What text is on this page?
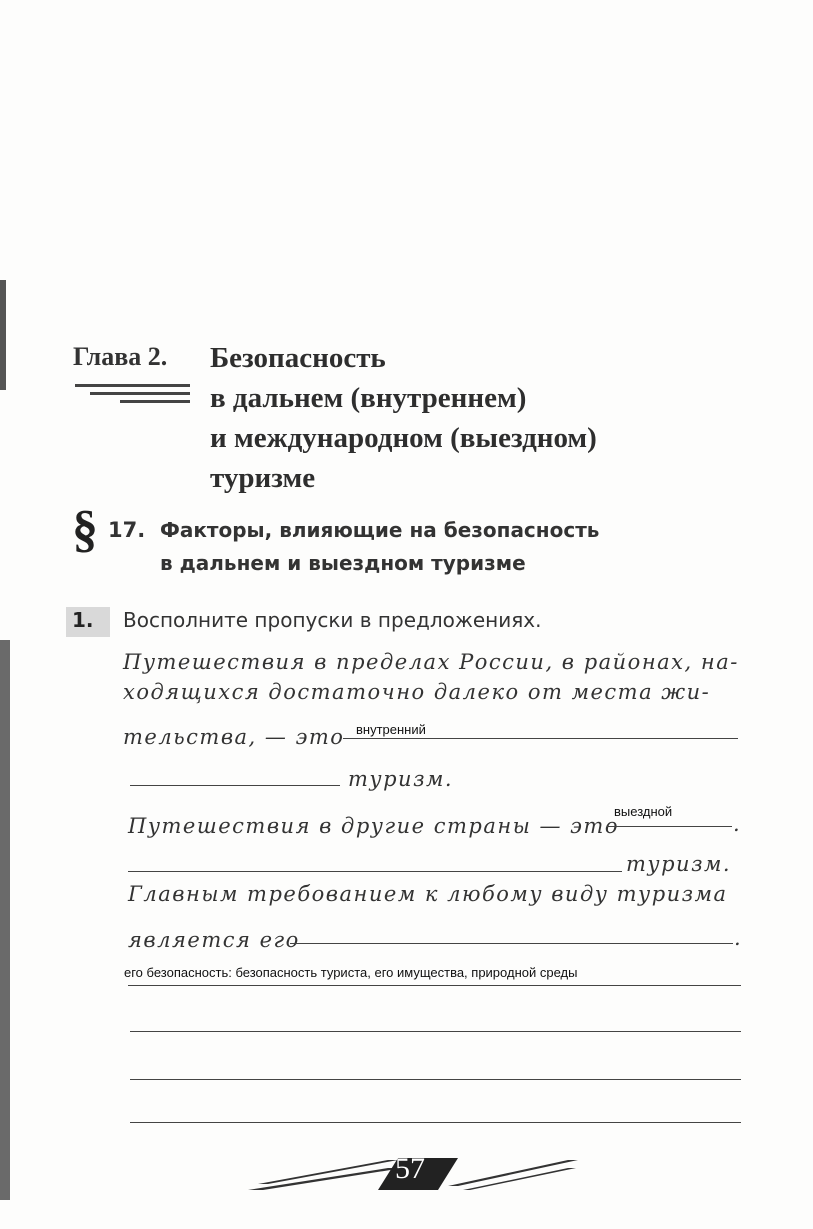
Глава 2. Безопасность
в дальнем (внутреннем)
и международном (выездном)
туризме
§ 17. Факторы, влияющие на безопасность
в дальнем и выездном туризме
1. Восполните пропуски в предложениях.
Путешествия в пределах России, в районах, на-
ходящихся достаточно далеко от места жи-
тельства, — это внутренний
туризм.
Путешествия в другие страны — это
выездной
.
туризм.
Главным требованием к любому виду туризма
является его	.
его безопасность: безопасность туриста, его имущества, природной среды
57
